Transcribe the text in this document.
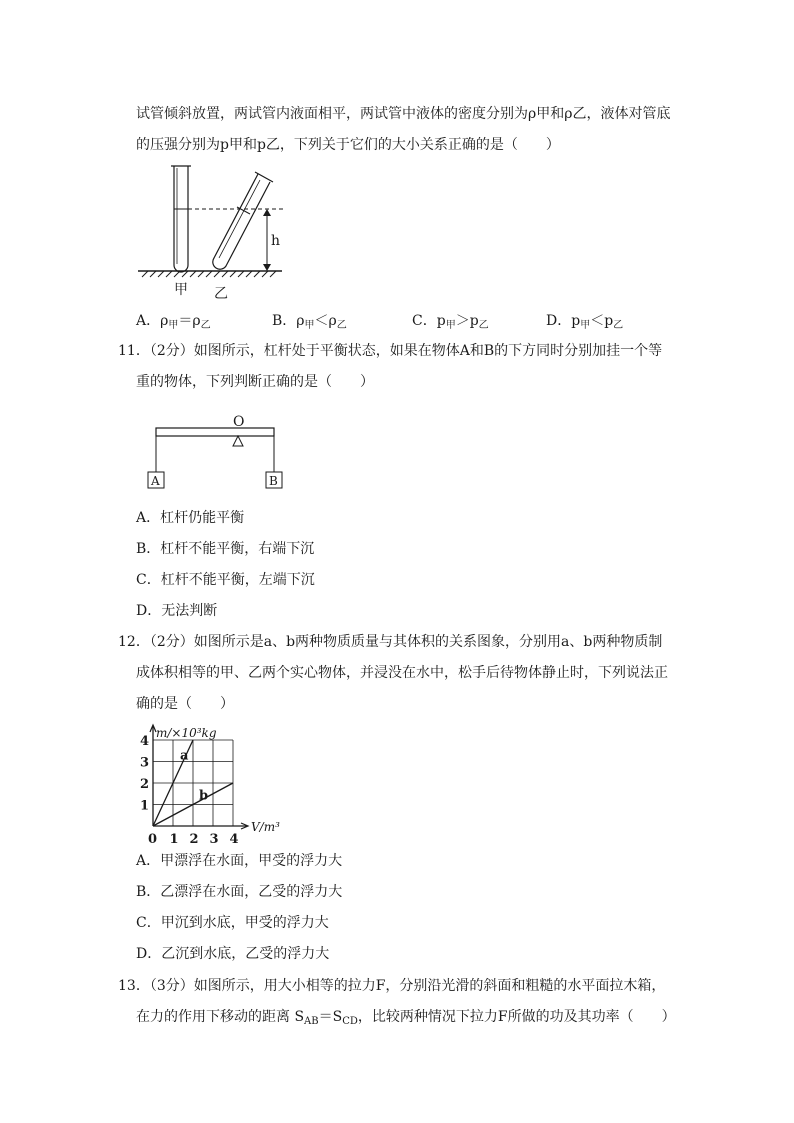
试管倾斜放置，两试管内液面相平，两试管中液体的密度分别为ρ甲和ρ乙，液体对管底
的压强分别为p甲和p乙，下列关于它们的大小关系正确的是（　　）
h
甲 乙
A．$\rho_甲=\rho_乙$	B．$\rho_甲<\rho_乙$	C．$p_甲>p_乙$	D．$p_甲<p_乙$
11．（2分）如图所示，杠杆处于平衡状态，如果在物体A和B的下方同时分别加挂一个等
重的物体，下列判断正确的是（　　）
O
A	B
A．杠杆仍能平衡
B．杠杆不能平衡，右端下沉
C．杠杆不能平衡，左端下沉
D．无法判断
12．（2分）如图所示是a、b两种物质质量与其体积的关系图象，分别用a、b两种物质制
成体积相等的甲、乙两个实心物体，并浸没在水中，松手后待物体静止时，下列说法正
确的是（　　）
0 1 2 3 4
1
2
3
4
m/×10³kg
V/m³
a
b
A．甲漂浮在水面，甲受的浮力大
B．乙漂浮在水面，乙受的浮力大
C．甲沉到水底，甲受的浮力大
D．乙沉到水底，乙受的浮力大
13．（3分）如图所示，用大小相等的拉力F，分别沿光滑的斜面和粗糙的水平面拉木箱，
在力的作用下移动的距离 $S_{AB}=S_{CD}$，比较两种情况下拉力F所做的功及其功率（　　）
